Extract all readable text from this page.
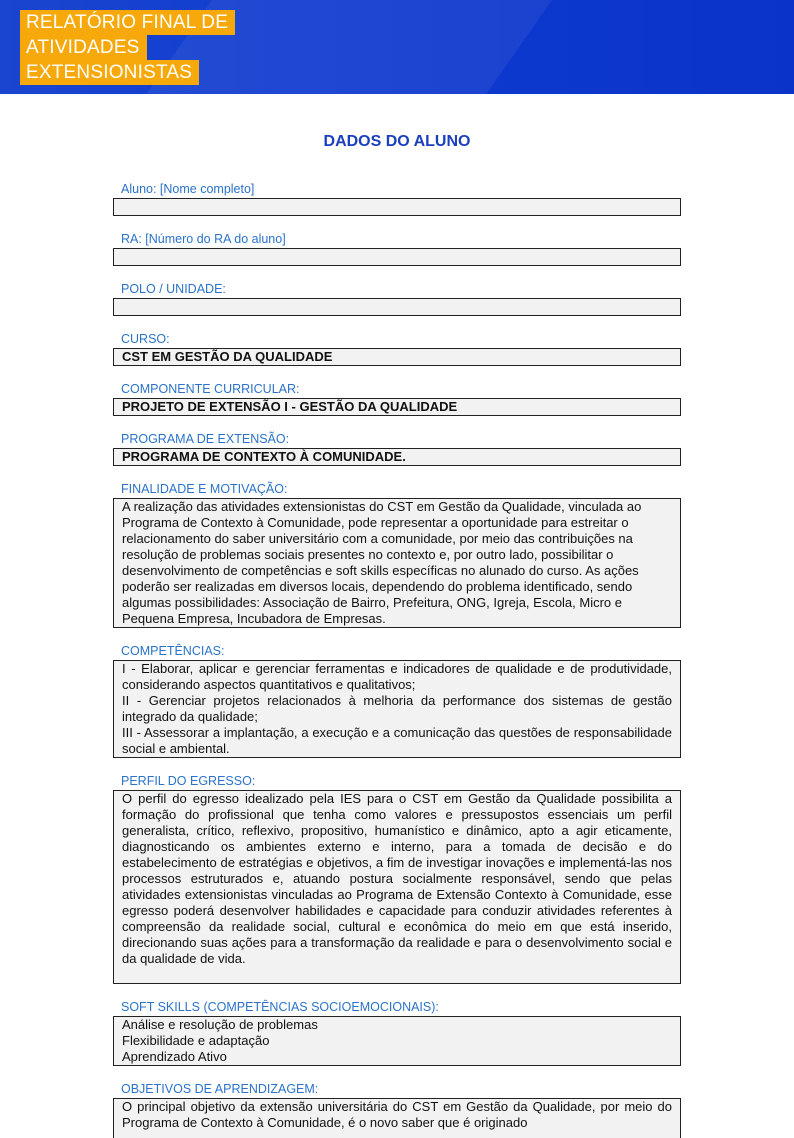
RELATÓRIO FINAL DE
ATIVIDADES
EXTENSIONISTAS
DADOS DO ALUNO
Aluno: [Nome completo]
RA: [Número do RA do aluno]
POLO / UNIDADE:
CURSO:
CST EM GESTÃO DA QUALIDADE
COMPONENTE CURRICULAR:
PROJETO DE EXTENSÃO I - GESTÃO DA QUALIDADE
PROGRAMA DE EXTENSÃO:
PROGRAMA DE CONTEXTO À COMUNIDADE.
FINALIDADE E MOTIVAÇÃO:

A realização das atividades extensionistas do CST em Gestão da Qualidade, vinculada ao Programa de Contexto à Comunidade, pode representar a oportunidade para estreitar o relacionamento do saber universitário com a comunidade, por meio das contribuições na resolução de problemas sociais presentes no contexto e, por outro lado, possibilitar o desenvolvimento de competências e soft skills específicas no alunado do curso. As ações poderão ser realizadas em diversos locais, dependendo do problema identificado, sendo algumas possibilidades: Associação de Bairro, Prefeitura, ONG, Igreja, Escola, Micro e Pequena Empresa, Incubadora de Empresas.

COMPETÊNCIAS:

I - Elaborar, aplicar e gerenciar ferramentas e indicadores de qualidade e de produtividade, considerando aspectos quantitativos e qualitativos;

II - Gerenciar projetos relacionados à melhoria da performance dos sistemas de gestão integrado da qualidade;

III - Assessorar a implantação, a execução e a comunicação das questões de responsabilidade social e ambiental.

PERFIL DO EGRESSO:

O perfil do egresso idealizado pela IES para o CST em Gestão da Qualidade possibilita a formação do profissional que tenha como valores e pressupostos essenciais um perfil generalista, crítico, reflexivo, propositivo, humanístico e dinâmico, apto a agir eticamente, diagnosticando os ambientes externo e interno, para a tomada de decisão e do estabelecimento de estratégias e objetivos, a fim de investigar inovações e implementá-las nos processos estruturados e, atuando postura socialmente responsável, sendo que pelas atividades extensionistas vinculadas ao Programa de Extensão Contexto à Comunidade, esse egresso poderá desenvolver habilidades e capacidade para conduzir atividades referentes à compreensão da realidade social, cultural e econômica do meio em que está inserido, direcionando suas ações para a transformação da realidade e para o desenvolvimento social e da qualidade de vida.

SOFT SKILLS (COMPETÊNCIAS SOCIOEMOCIONAIS):
Análise e resolução de problemas
Flexibilidade e adaptação
Aprendizado Ativo
OBJETIVOS DE APRENDIZAGEM:

O principal objetivo da extensão universitária do CST em Gestão da Qualidade, por meio do Programa de Contexto à Comunidade, é o novo saber que é originado
